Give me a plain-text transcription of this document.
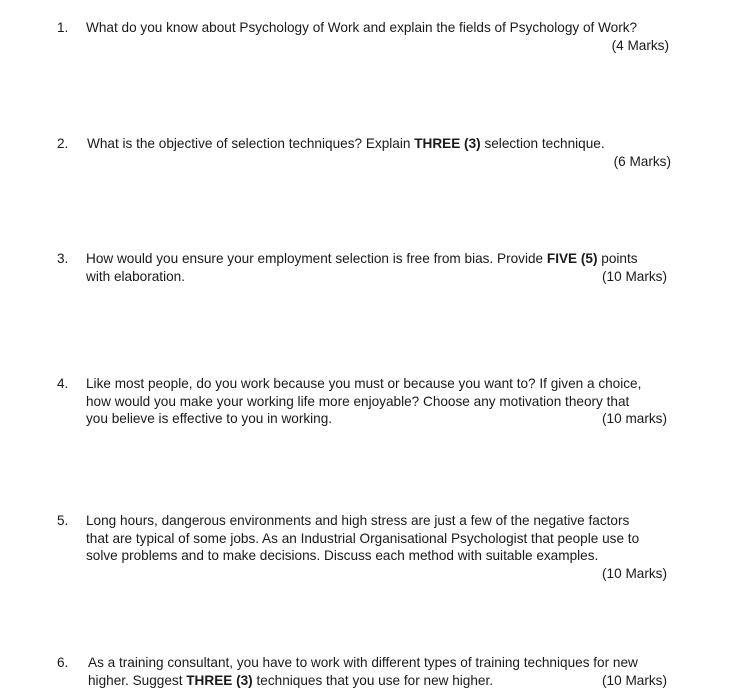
1. What do you know about Psychology of Work and explain the fields of Psychology of Work?
(4 Marks)
2. What is the objective of selection techniques? Explain THREE (3) selection technique.
(6 Marks)
3. How would you ensure your employment selection is free from bias. Provide FIVE (5) points
with elaboration.	(10 Marks)
4. Like most people, do you work because you must or because you want to? If given a choice,
how would you make your working life more enjoyable? Choose any motivation theory that
you believe is effective to you in working.	(10 marks)
5. Long hours, dangerous environments and high stress are just a few of the negative factors
that are typical of some jobs. As an Industrial Organisational Psychologist that people use to
solve problems and to make decisions. Discuss each method with suitable examples.
(10 Marks)
6. As a training consultant, you have to work with different types of training techniques for new
higher. Suggest THREE (3) techniques that you use for new higher.	(10 Marks)
